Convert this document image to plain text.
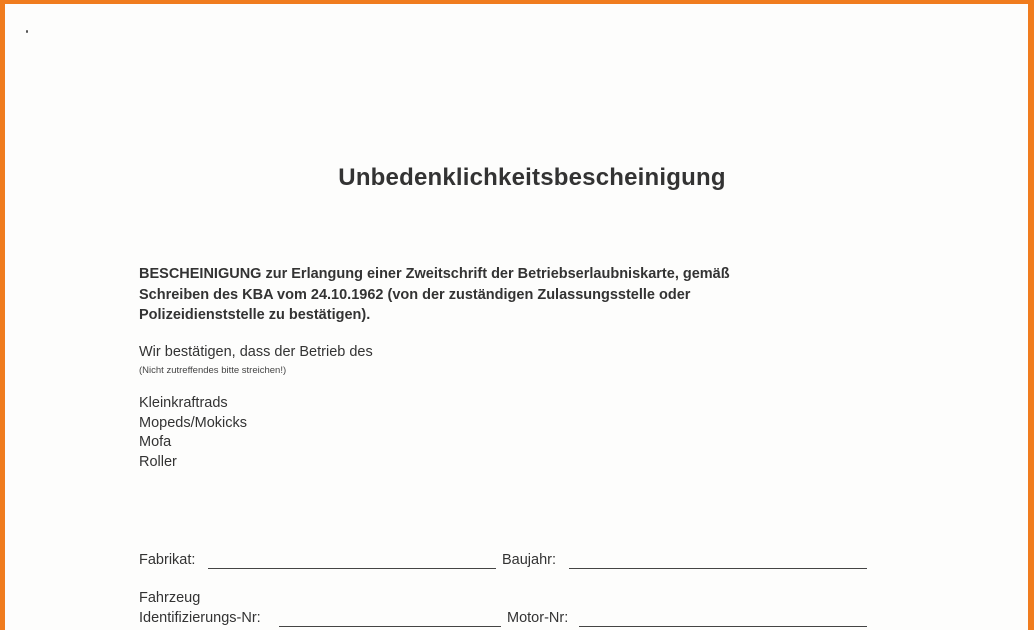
Unbedenklichkeitsbescheinigung
BESCHEINIGUNG zur Erlangung einer Zweitschrift der Betriebserlaubniskarte, gemäß
Schreiben des KBA vom 24.10.1962 (von der zuständigen Zulassungsstelle oder
Polizeidienststelle zu bestätigen).
Wir bestätigen, dass der Betrieb des
(Nicht zutreffendes bitte streichen!)
Kleinkraftrads
Mopeds/Mokicks
Mofa
Roller
Fabrikat:	Baujahr:
Fahrzeug
Identifizierungs-Nr:	Motor-Nr:
